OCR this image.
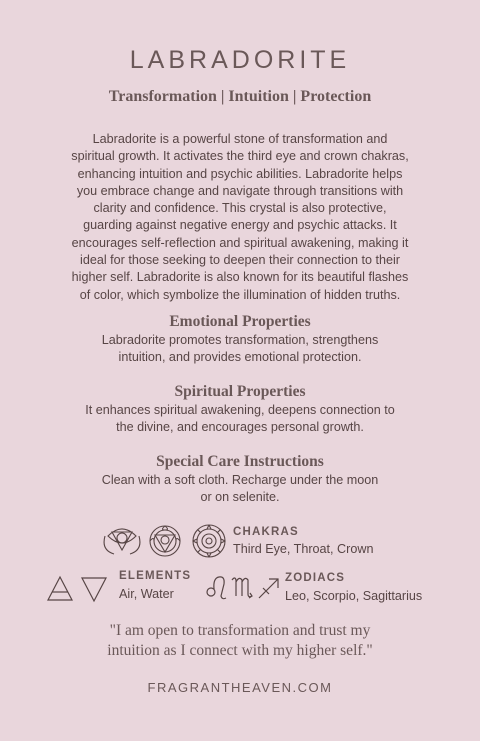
LABRADORITE
Transformation | Intuition | Protection
Labradorite is a powerful stone of transformation and
spiritual growth. It activates the third eye and crown chakras,
enhancing intuition and psychic abilities. Labradorite helps
you embrace change and navigate through transitions with
clarity and confidence. This crystal is also protective,
guarding against negative energy and psychic attacks. It
encourages self-reflection and spiritual awakening, making it
ideal for those seeking to deepen their connection to their
higher self. Labradorite is also known for its beautiful flashes
of color, which symbolize the illumination of hidden truths.
Emotional Properties
Labradorite promotes transformation, strengthens
intuition, and provides emotional protection.
Spiritual Properties
It enhances spiritual awakening, deepens connection to
the divine, and encourages personal growth.
Special Care Instructions
Clean with a soft cloth. Recharge under the moon
or on selenite.
CHAKRAS
Third Eye, Throat, Crown
ELEMENTS
Air, Water
ZODIACS
Leo, Scorpio, Sagittarius
"I am open to transformation and trust my
intuition as I connect with my higher self."
FRAGRANTHEAVEN.COM
